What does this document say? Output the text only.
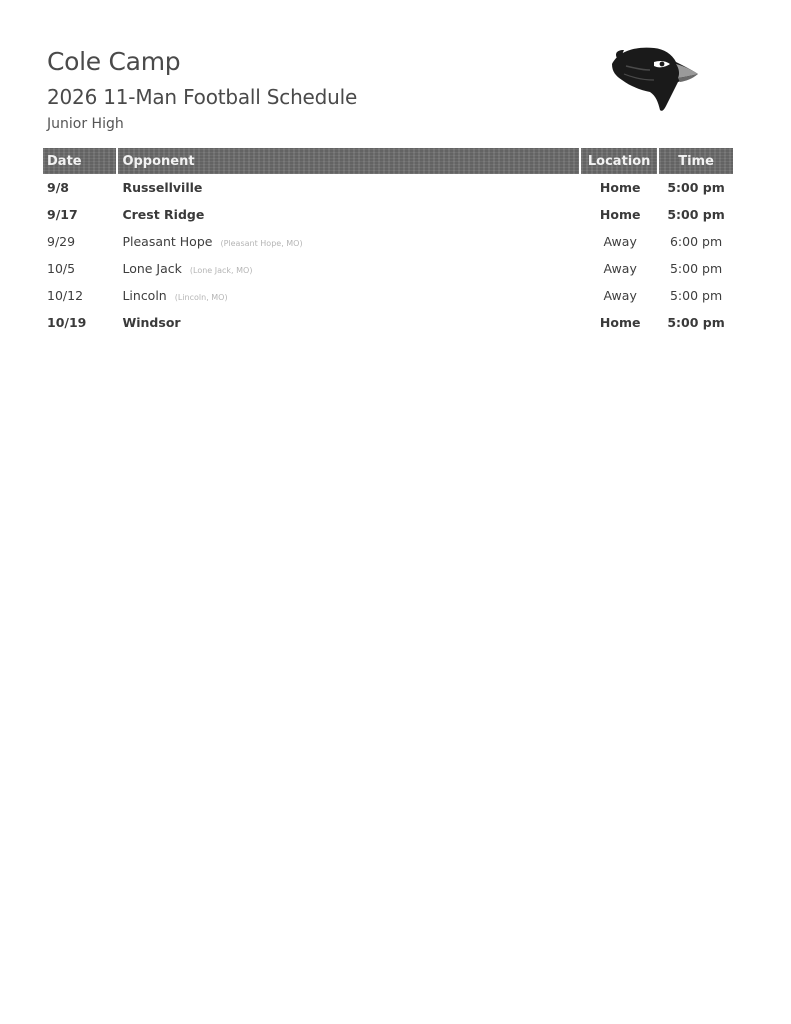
Cole Camp
2026 11-Man Football Schedule
Junior High
Date	Opponent	Location	Time
9/8	Russellville	Home	5:00 pm
9/17	Crest Ridge	Home	5:00 pm
9/29	Pleasant Hope (Pleasant Hope, MO)	Away	6:00 pm
10/5	Lone Jack (Lone Jack, MO)	Away	5:00 pm
10/12	Lincoln (Lincoln, MO)	Away	5:00 pm
10/19	Windsor	Home	5:00 pm
